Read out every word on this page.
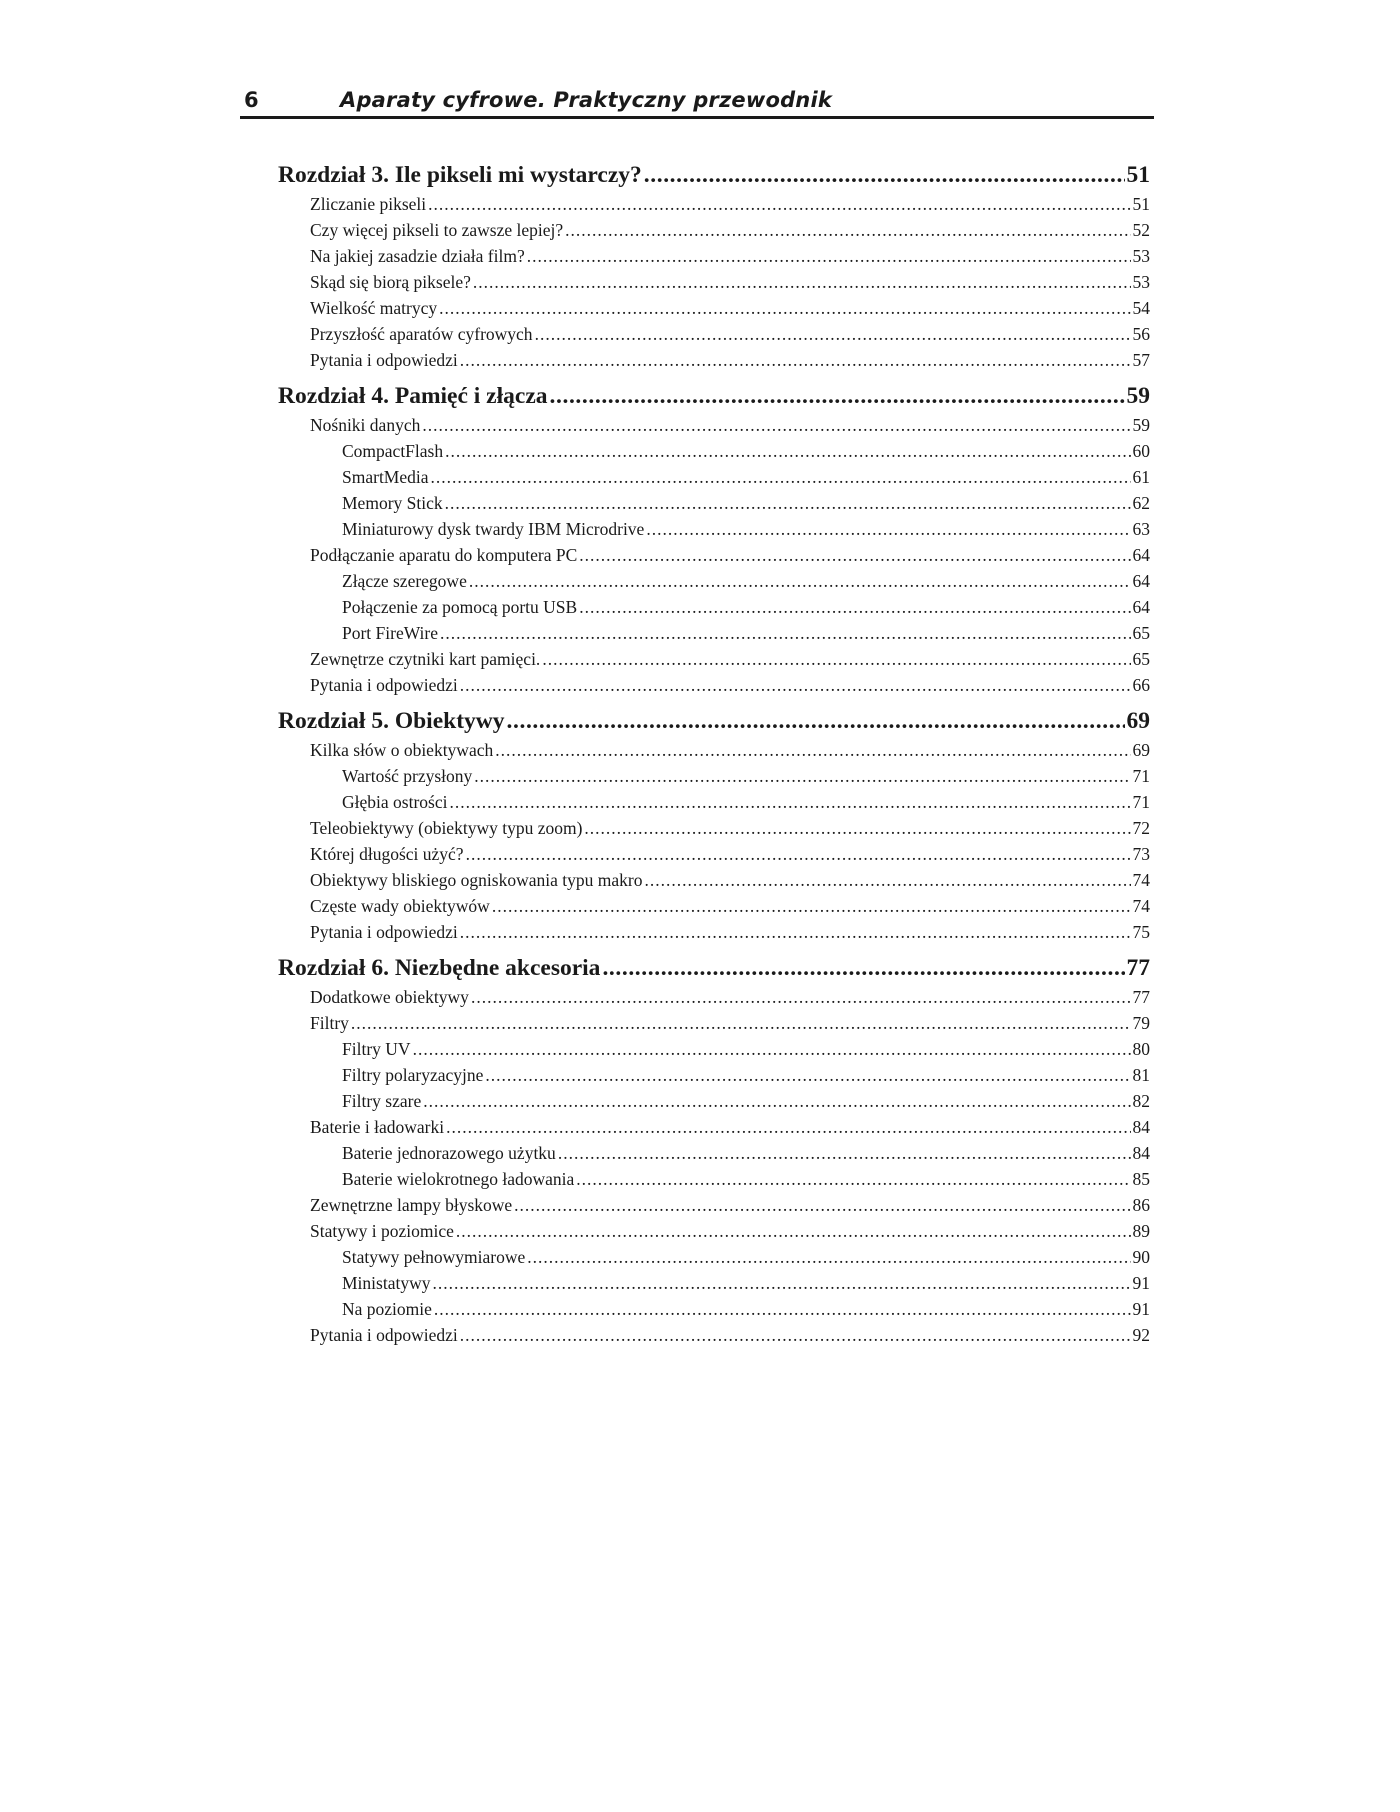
6	Aparaty cyfrowe. Praktyczny przewodnik
Rozdział 3. Ile pikseli mi wystarczy? .....	51
Zliczanie pikseli .....	51
Czy więcej pikseli to zawsze lepiej? .....	52
Na jakiej zasadzie działa film? .....	53
Skąd się biorą piksele? .....	53
Wielkość matrycy .....	54
Przyszłość aparatów cyfrowych .....	56
Pytania i odpowiedzi .....	57
Rozdział 4. Pamięć i złącza .....	59
Nośniki danych .....	59
CompactFlash .....	60
SmartMedia .....	61
Memory Stick .....	62
Miniaturowy dysk twardy IBM Microdrive .....	63
Podłączanie aparatu do komputera PC .....	64
Złącze szeregowe .....	64
Połączenie za pomocą portu USB .....	64
Port FireWire .....	65
Zewnętrze czytniki kart pamięci. .....	65
Pytania i odpowiedzi .....	66
Rozdział 5. Obiektywy .....	69
Kilka słów o obiektywach .....	69
Wartość przysłony .....	71
Głębia ostrości .....	71
Teleobiektywy (obiektywy typu zoom) .....	72
Której długości użyć? .....	73
Obiektywy bliskiego ogniskowania typu makro .....	74
Częste wady obiektywów .....	74
Pytania i odpowiedzi .....	75
Rozdział 6. Niezbędne akcesoria .....	77
Dodatkowe obiektywy .....	77
Filtry .....	79
Filtry UV .....	80
Filtry polaryzacyjne .....	81
Filtry szare .....	82
Baterie i ładowarki .....	84
Baterie jednorazowego użytku .....	84
Baterie wielokrotnego ładowania .....	85
Zewnętrzne lampy błyskowe .....	86
Statywy i poziomice .....	89
Statywy pełnowymiarowe .....	90
Ministatywy .....	91
Na poziomie .....	91
Pytania i odpowiedzi .....	92
